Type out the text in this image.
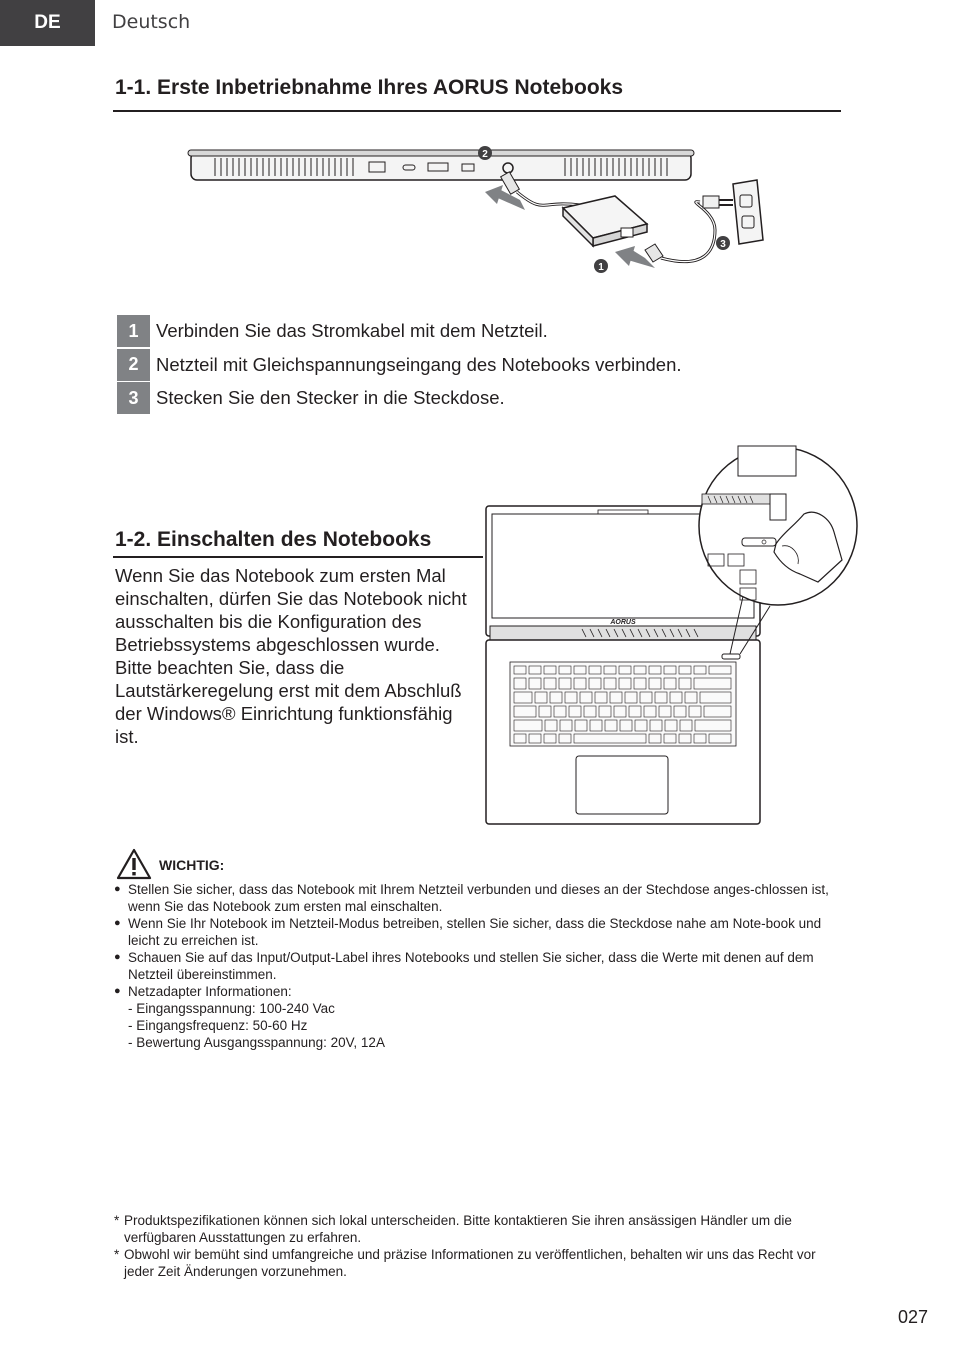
DE	Deutsch
1-1. Erste Inbetriebnahme Ihres AORUS Notebooks
2
1
3
1 Verbinden Sie das Stromkabel mit dem Netzteil.
2 Netzteil mit Gleichspannungseingang des Notebooks verbinden.
3 Stecken Sie den Stecker in die Steckdose.
1-2. Einschalten des Notebooks

Wenn Sie das Notebook zum ersten Mal einschalten, dürfen Sie das Notebook nicht ausschalten bis die Konfiguration des Betriebssystems abgeschlossen wurde. Bitte beachten Sie, dass die Lautstärkeregelung erst mit dem Abschluß der Windows® Einrichtung funktionsfähig ist.

AORUS
WICHTIG:
● Stellen Sie sicher, dass das Notebook mit Ihrem Netzteil verbunden und dieses an der Stechdose anges-chlossen ist, wenn Sie das Notebook zum ersten mal einschalten.
● Wenn Sie Ihr Notebook im Netzteil-Modus betreiben, stellen Sie sicher, dass die Steckdose nahe am Note-book und leicht zu erreichen ist.
● Schauen Sie auf das Input/Output-Label ihres Notebooks und stellen Sie sicher, dass die Werte mit denen auf dem Netzteil übereinstimmen.
● Netzadapter Informationen:
- Eingangsspannung: 100-240 Vac
- Eingangsfrequenz: 50-60 Hz
- Bewertung Ausgangsspannung: 20V, 12A
* Produktspezifikationen können sich lokal unterscheiden. Bitte kontaktieren Sie ihren ansässigen Händler um die verfügbaren Ausstattungen zu erfahren.
* Obwohl wir bemüht sind umfangreiche und präzise Informationen zu veröffentlichen, behalten wir uns das Recht vor jeder Zeit Änderungen vorzunehmen.
027
